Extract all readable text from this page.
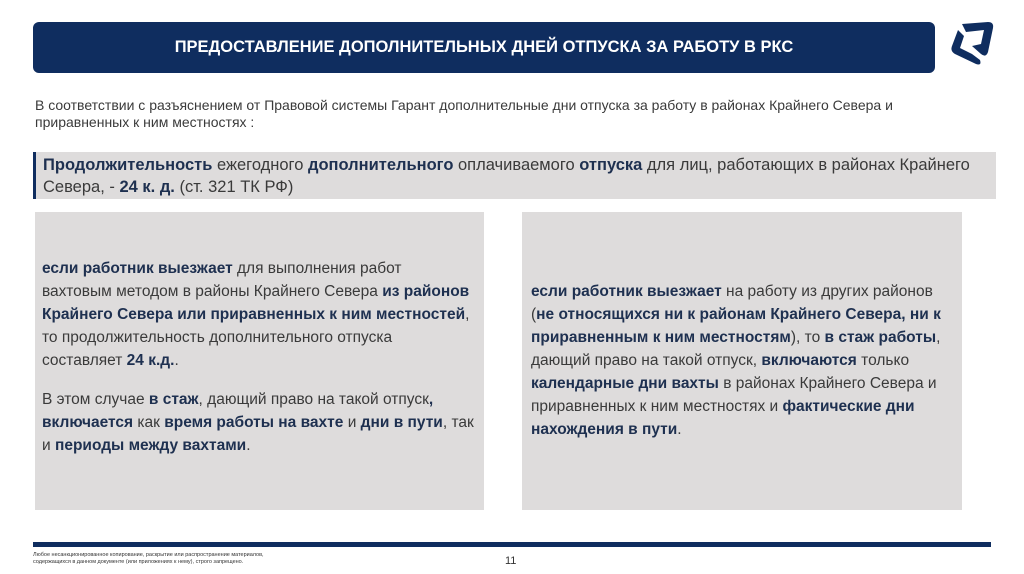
ПРЕДОСТАВЛЕНИЕ ДОПОЛНИТЕЛЬНЫХ ДНЕЙ ОТПУСКА ЗА РАБОТУ В РКС
В соответствии с разъяснением от Правовой системы Гарант дополнительные дни отпуска за работу в районах Крайнего Севера и приравненных к ним местностях :
Продолжительность ежегодного дополнительного оплачиваемого отпуска для лиц, работающих в районах Крайнего Севера, - 24 к. д. (ст. 321 ТК РФ)
если работник выезжает для выполнения работ вахтовым методом в районы Крайнего Севера из районов Крайнего Севера или приравненных к ним местностей, то продолжительность дополнительного отпуска составляет 24 к.д..
В этом случае в стаж, дающий право на такой отпуск, включается как время работы на вахте и дни в пути, так и периоды между вахтами.
если работник выезжает на работу из других районов (не относящихся ни к районам Крайнего Севера, ни к приравненным к ним местностям), то в стаж работы, дающий право на такой отпуск, включаются только календарные дни вахты в районах Крайнего Севера и приравненных к ним местностях и фактические дни нахождения в пути.
Любое несанкционированное копирование, раскрытие или распространение материалов,
содержащихся в данном документе (или приложениях к нему), строго запрещено.	11
